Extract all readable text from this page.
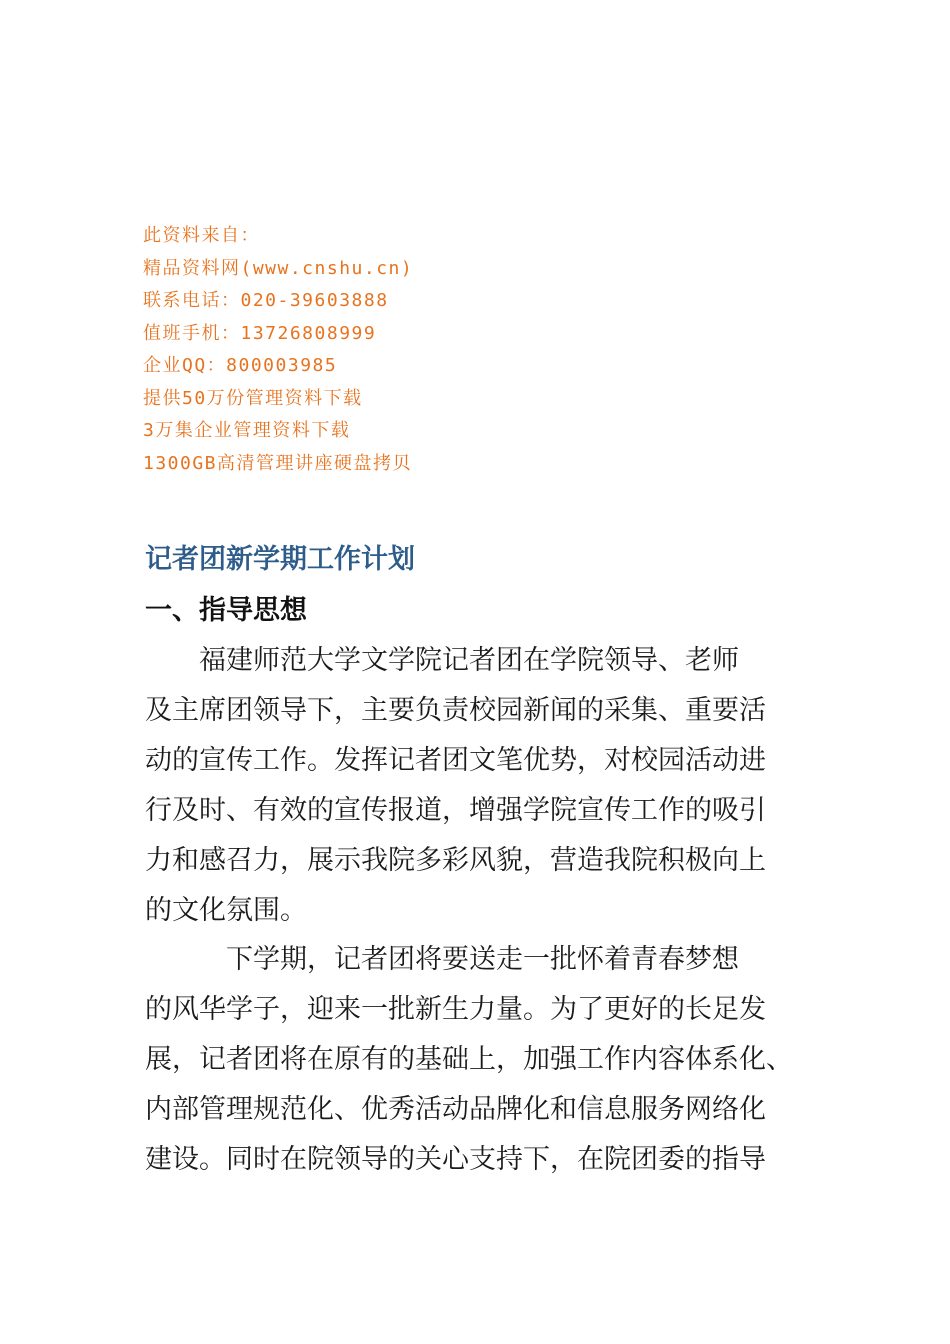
此资料来自：
精品资料网(www.cnshu.cn)
联系电话：020-39603888
值班手机：13726808999
企业QQ：800003985
提供50万份管理资料下载
3万集企业管理资料下载
1300GB高清管理讲座硬盘拷贝
记者团新学期工作计划
一、指导思想
　　福建师范大学文学院记者团在学院领导、老师
及主席团领导下，主要负责校园新闻的采集、重要活
动的宣传工作。发挥记者团文笔优势，对校园活动进
行及时、有效的宣传报道，增强学院宣传工作的吸引
力和感召力，展示我院多彩风貌，营造我院积极向上
的文化氛围。
　　　下学期，记者团将要送走一批怀着青春梦想
的风华学子，迎来一批新生力量。为了更好的长足发
展，记者团将在原有的基础上，加强工作内容体系化、
内部管理规范化、优秀活动品牌化和信息服务网络化
建设。同时在院领导的关心支持下，在院团委的指导
